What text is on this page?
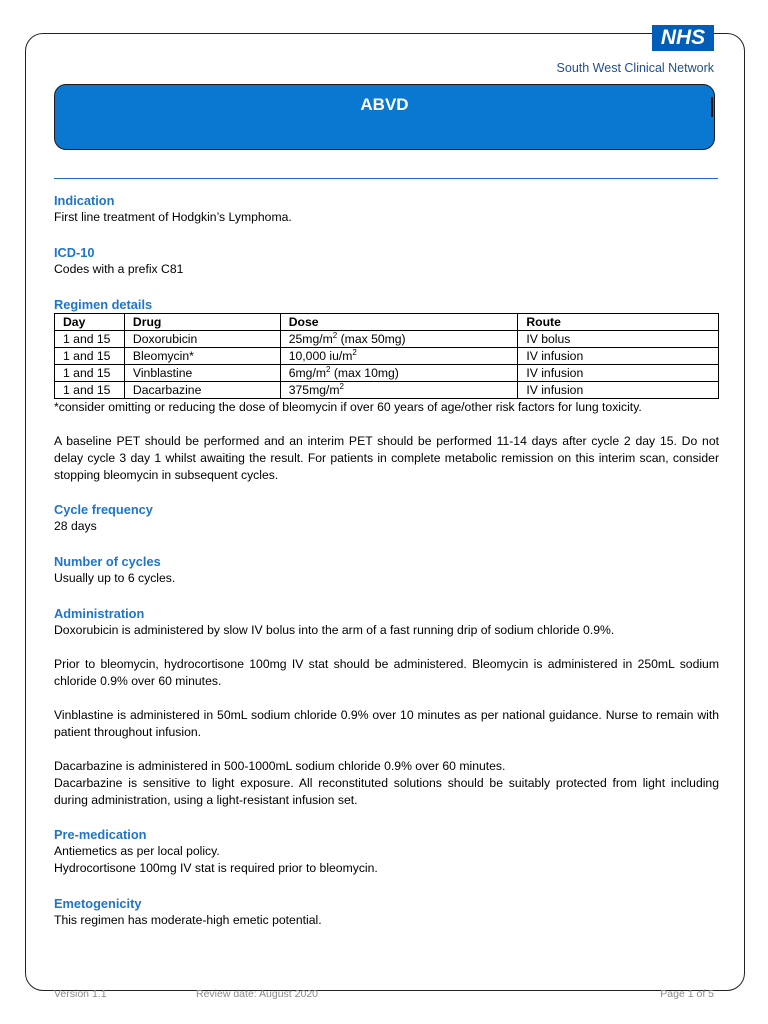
NHS
South West Clinical Network
ABVD
Indication
First line treatment of Hodgkin’s Lymphoma.
ICD-10
Codes with a prefix C81
Regimen details
Day	Drug	Dose	Route
1 and 15	Doxorubicin	$25mg/m^2$ (max 50mg)	IV bolus
1 and 15	Bleomycin*	10,000 $iu/m^2$	IV infusion
1 and 15	Vinblastine	$6mg/m^2$ (max 10mg)	IV infusion
1 and 15	Dacarbazine	$375mg/m^2$	IV infusion
*consider omitting or reducing the dose of bleomycin if over 60 years of age/other risk factors for lung toxicity.
A baseline PET should be performed and an interim PET should be performed 11-14 days after cycle 2 day 15. Do not delay cycle 3 day 1 whilst awaiting the result. For patients in complete metabolic remission on this interim scan, consider stopping bleomycin in subsequent cycles.
Cycle frequency
28 days
Number of cycles
Usually up to 6 cycles.
Administration
Doxorubicin is administered by slow IV bolus into the arm of a fast running drip of sodium chloride 0.9%.
Prior to bleomycin, hydrocortisone 100mg IV stat should be administered. Bleomycin is administered in 250mL sodium chloride 0.9% over 60 minutes.
Vinblastine is administered in 50mL sodium chloride 0.9% over 10 minutes as per national guidance. Nurse to remain with patient throughout infusion.
Dacarbazine is administered in 500-1000mL sodium chloride 0.9% over 60 minutes.
Dacarbazine is sensitive to light exposure. All reconstituted solutions should be suitably protected from light including during administration, using a light-resistant infusion set.
Pre-medication
Antiemetics as per local policy.
Hydrocortisone 100mg IV stat is required prior to bleomycin.
Emetogenicity
This regimen has moderate-high emetic potential.
Version 1.1	Review date: August 2020	Page 1 of 5
